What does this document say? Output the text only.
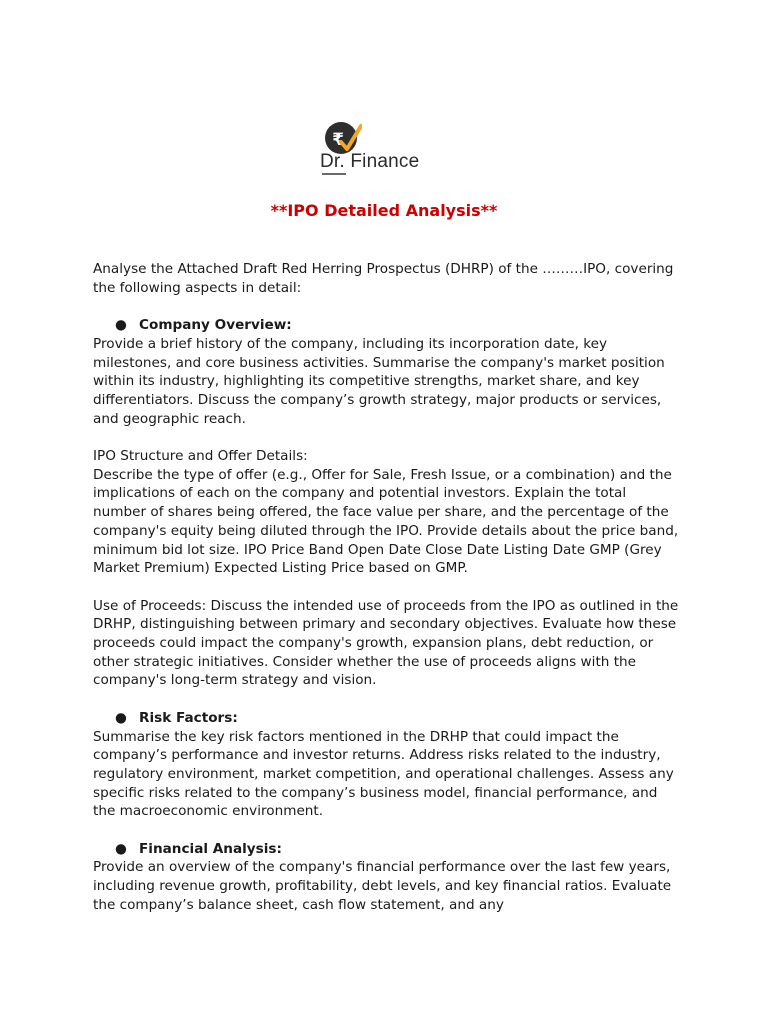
₹
Dr. Finance
**IPO Detailed Analysis**

Analyse the Attached Draft Red Herring Prospectus (DHRP) of the ………IPO, covering the following aspects in detail:

● Company Overview:

Provide a brief history of the company, including its incorporation date, key milestones, and core business activities. Summarise the company's market position within its industry, highlighting its competitive strengths, market share, and key differentiators. Discuss the company’s growth strategy, major products or services, and geographic reach.

IPO Structure and Offer Details:

Describe the type of offer (e.g., Offer for Sale, Fresh Issue, or a combination) and the implications of each on the company and potential investors. Explain the total number of shares being offered, the face value per share, and the percentage of the company's equity being diluted through the IPO. Provide details about the price band, minimum bid lot size. IPO Price Band Open Date Close Date Listing Date GMP (Grey Market Premium) Expected Listing Price based on GMP.

Use of Proceeds: Discuss the intended use of proceeds from the IPO as outlined in the DRHP, distinguishing between primary and secondary objectives. Evaluate how these proceeds could impact the company's growth, expansion plans, debt reduction, or other strategic initiatives. Consider whether the use of proceeds aligns with the company's long-term strategy and vision.

● Risk Factors:

Summarise the key risk factors mentioned in the DRHP that could impact the company’s performance and investor returns. Address risks related to the industry, regulatory environment, market competition, and operational challenges. Assess any specific risks related to the company’s business model, financial performance, and the macroeconomic environment.

● Financial Analysis:

Provide an overview of the company's financial performance over the last few years, including revenue growth, profitability, debt levels, and key financial ratios. Evaluate the company’s balance sheet, cash flow statement, and any
